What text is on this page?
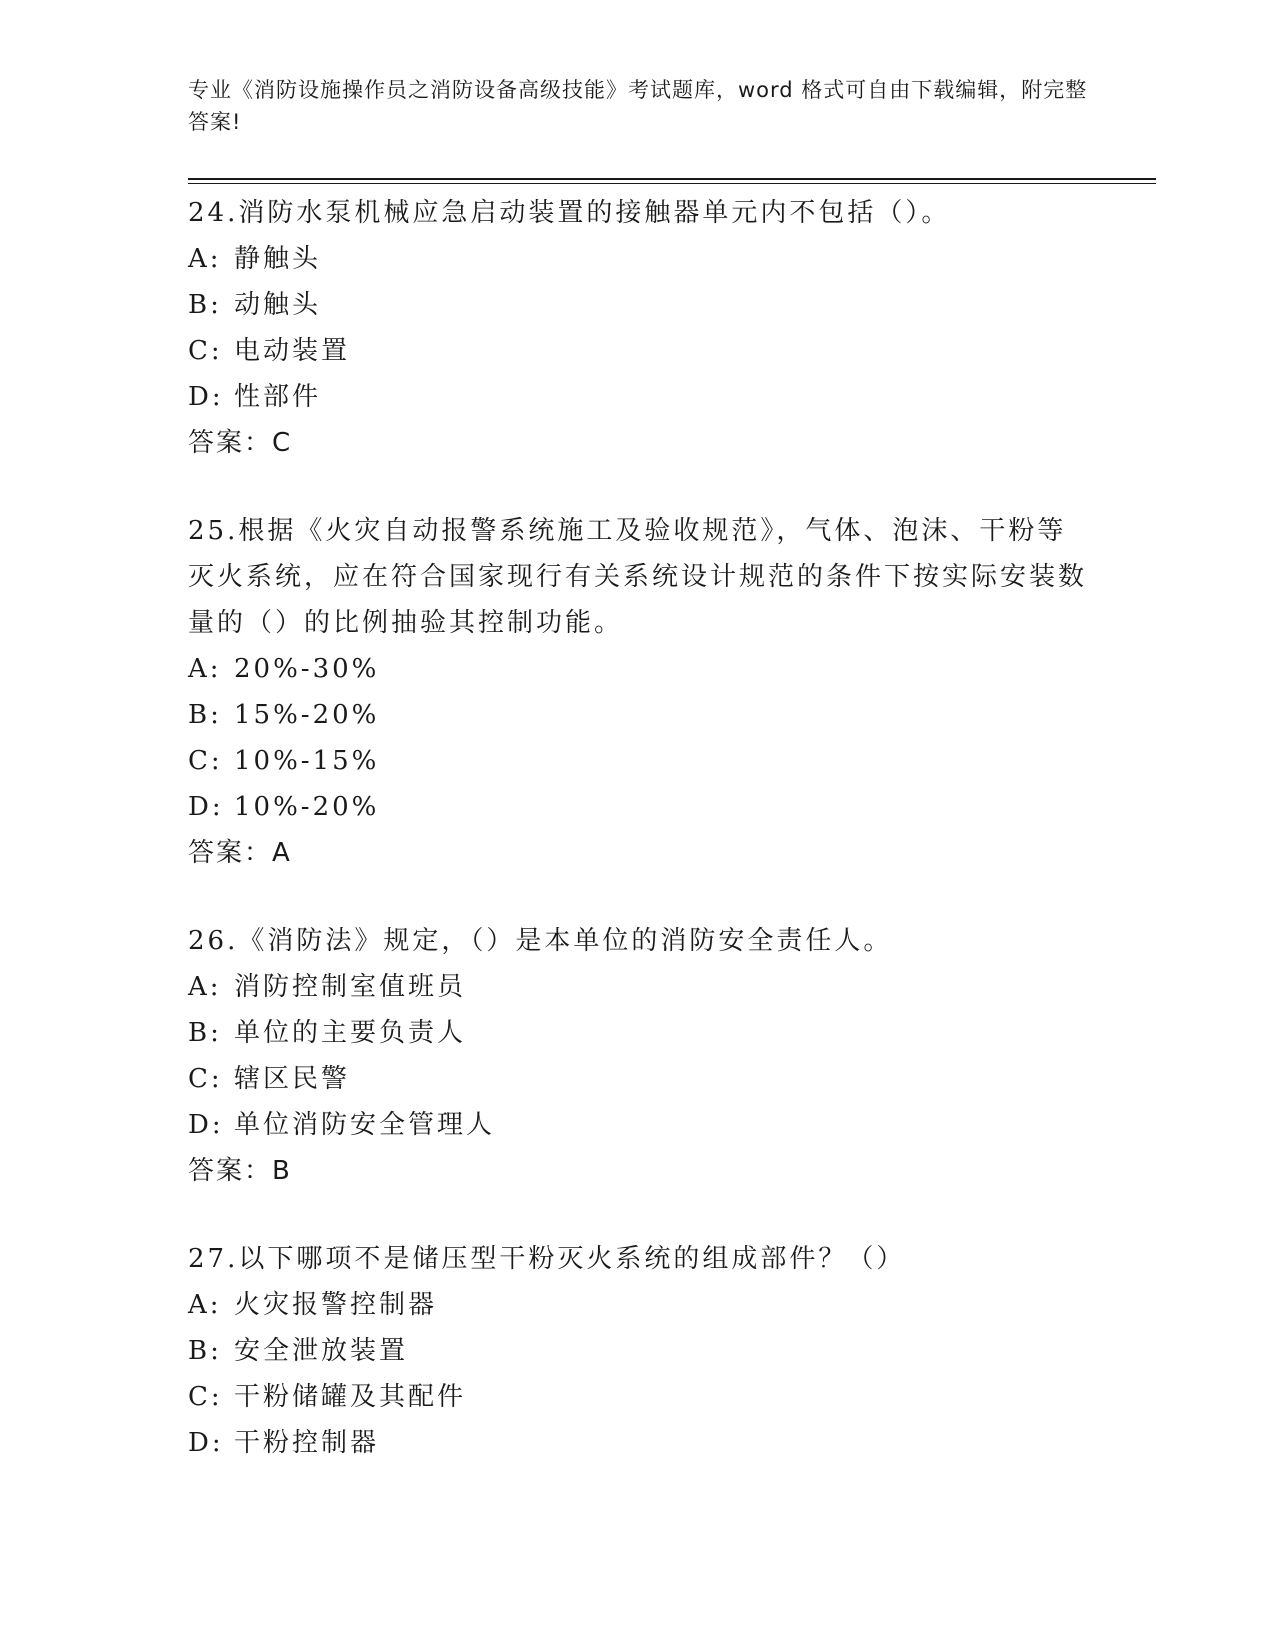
专业《消防设施操作员之消防设备高级技能》考试题库，word 格式可自由下载编辑，附完整答案!

24.消防水泵机械应急启动装置的接触器单元内不包括（）。

A: 静触头

B: 动触头

C: 电动装置

D: 性部件

答案：C

25.根据《火灾自动报警系统施工及验收规范》，气体、泡沫、干粉等灭火系统，应在符合国家现行有关系统设计规范的条件下按实际安装数量的（）的比例抽验其控制功能。

A: 20%-30%

B: 15%-20%

C: 10%-15%

D: 10%-20%

答案：A

26.《消防法》规定，（）是本单位的消防安全责任人。

A: 消防控制室值班员

B: 单位的主要负责人

C: 辖区民警

D: 单位消防安全管理人

答案：B

27.以下哪项不是储压型干粉灭火系统的组成部件？（）

A: 火灾报警控制器

B: 安全泄放装置

C: 干粉储罐及其配件

D: 干粉控制器
